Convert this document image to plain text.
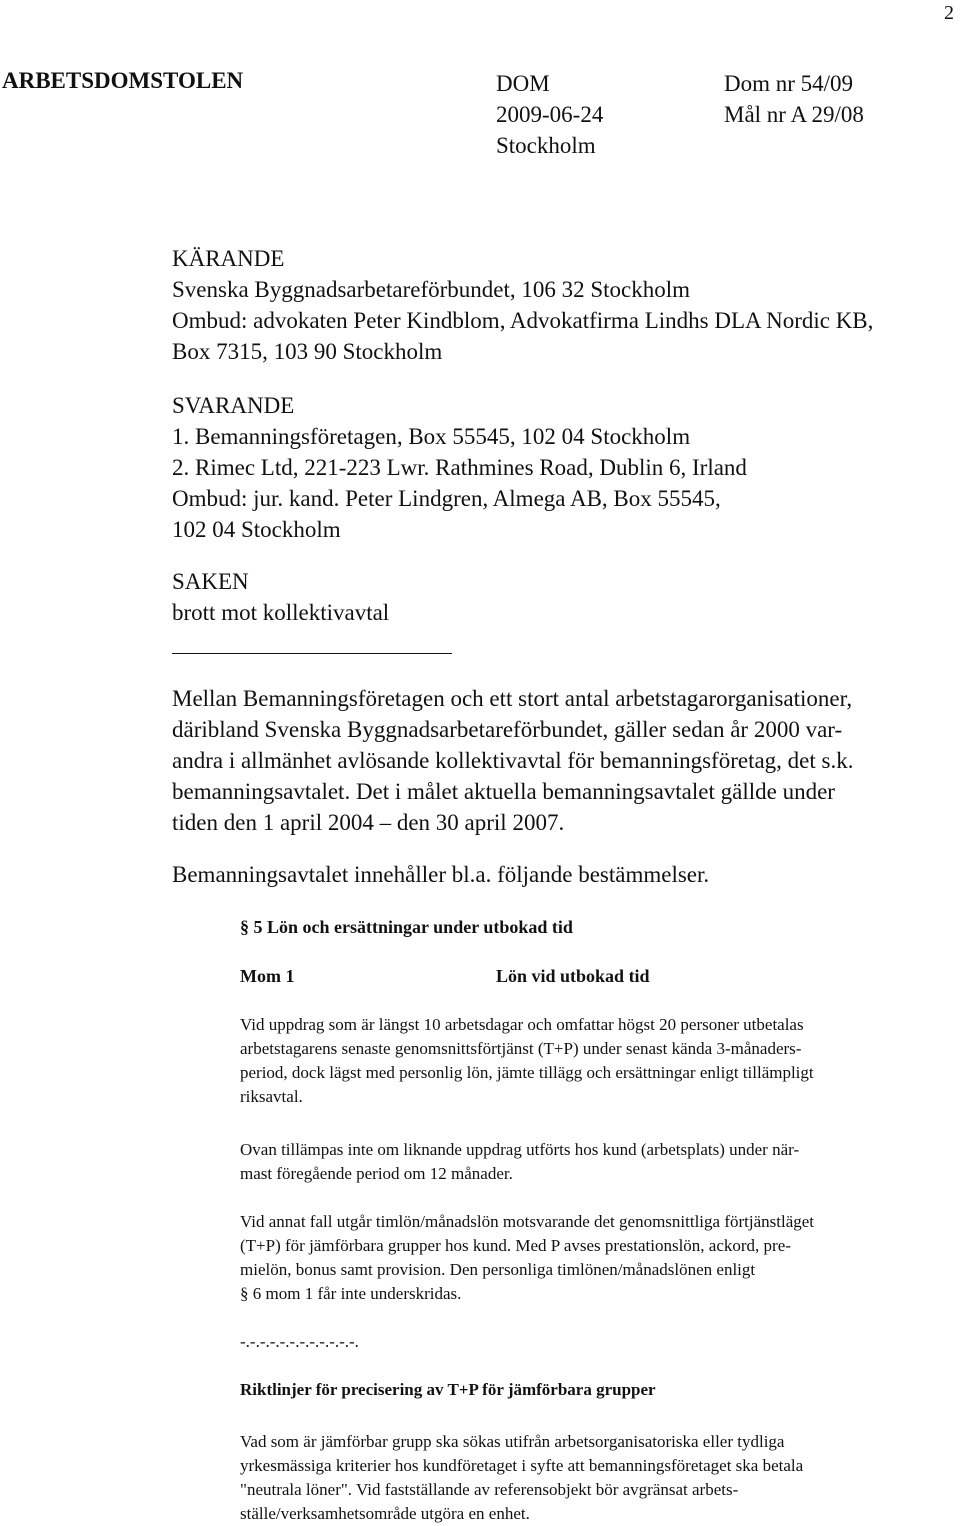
2
ARBETSDOMSTOLEN	DOM
2009-06-24
Stockholm
Dom nr 54/09
Mål nr A 29/08
KÄRANDE
Svenska Byggnadsarbetareförbundet, 106 32 Stockholm
Ombud: advokaten Peter Kindblom, Advokatfirma Lindhs DLA Nordic KB,
Box 7315, 103 90 Stockholm
SVARANDE
1. Bemanningsföretagen, Box 55545, 102 04 Stockholm
2. Rimec Ltd, 221-223 Lwr. Rathmines Road, Dublin 6, Irland
Ombud: jur. kand. Peter Lindgren, Almega AB, Box 55545,
102 04 Stockholm
SAKEN
brott mot kollektivavtal
Mellan Bemanningsföretagen och ett stort antal arbetstagarorganisationer,
däribland Svenska Byggnadsarbetareförbundet, gäller sedan år 2000 var-
andra i allmänhet avlösande kollektivavtal för bemanningsföretag, det s.k.
bemanningsavtalet. Det i målet aktuella bemanningsavtalet gällde under
tiden den 1 april 2004 – den 30 april 2007.
Bemanningsavtalet innehåller bl.a. följande bestämmelser.
§ 5 Lön och ersättningar under utbokad tid
Mom 1	Lön vid utbokad tid
Vid uppdrag som är längst 10 arbetsdagar och omfattar högst 20 personer utbetalas
arbetstagarens senaste genomsnittsförtjänst (T+P) under senast kända 3-månaders-
period, dock lägst med personlig lön, jämte tillägg och ersättningar enligt tillämpligt
riksavtal.
Ovan tillämpas inte om liknande uppdrag utförts hos kund (arbetsplats) under när-
mast föregående period om 12 månader.
Vid annat fall utgår timlön/månadslön motsvarande det genomsnittliga förtjänstläget
(T+P) för jämförbara grupper hos kund. Med P avses prestationslön, ackord, pre-
mielön, bonus samt provision. Den personliga timlönen/månadslönen enligt
§ 6 mom 1 får inte underskridas.
-.-.-.-.-.-.-.-.-.-.-.-.
Riktlinjer för precisering av T+P för jämförbara grupper
Vad som är jämförbar grupp ska sökas utifrån arbetsorganisatoriska eller tydliga
yrkesmässiga kriterier hos kundföretaget i syfte att bemanningsföretaget ska betala
"neutrala löner". Vid fastställande av referensobjekt bör avgränsat arbets-
ställe/verksamhetsområde utgöra en enhet.
